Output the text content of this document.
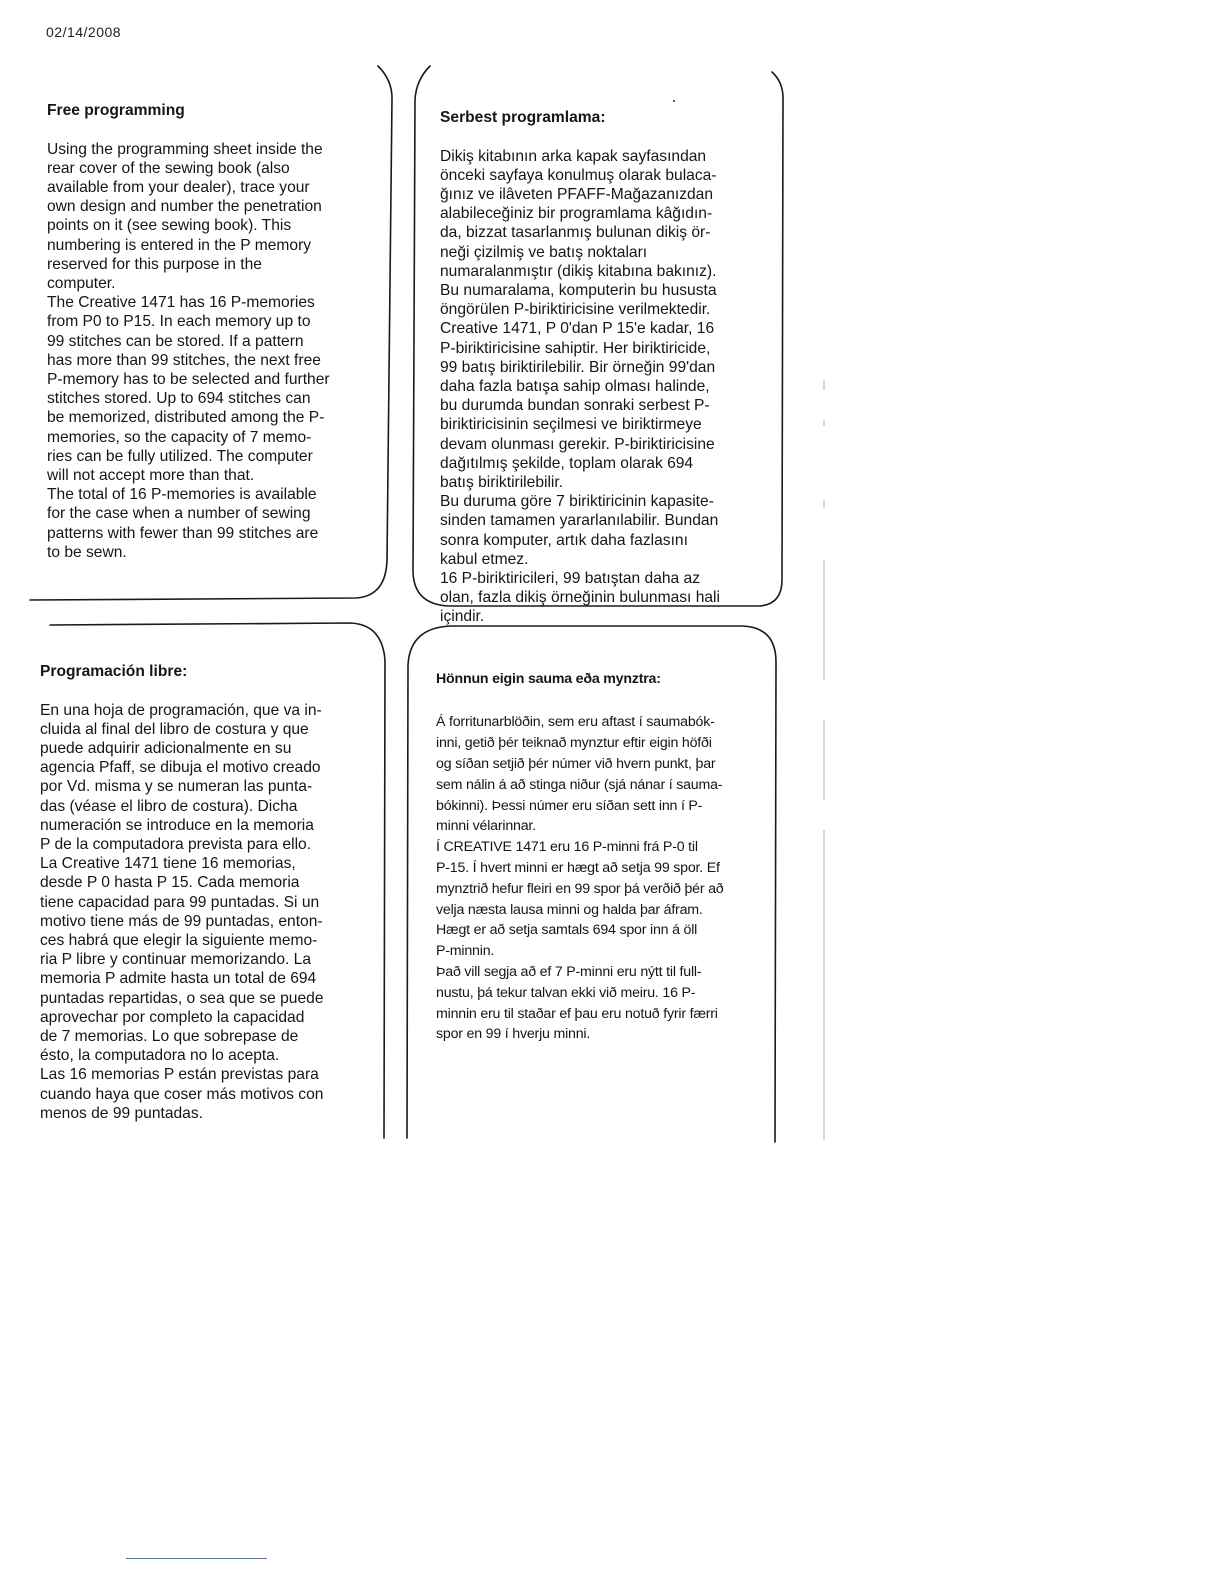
02/14/2008

Free programming

Using the programming sheet inside the
rear cover of the sewing book (also
available from your dealer), trace your
own design and number the penetration
points on it (see sewing book). This
numbering is entered in the P memory
reserved for this purpose in the
computer.
The Creative 1471 has 16 P-memories
from P0 to P15. In each memory up to
99 stitches can be stored. If a pattern
has more than 99 stitches, the next free
P-memory has to be selected and further
stitches stored. Up to 694 stitches can
be memorized, distributed among the P-
memories, so the capacity of 7 memo-
ries can be fully utilized. The computer
will not accept more than that.
The total of 16 P-memories is available
for the case when a number of sewing
patterns with fewer than 99 stitches are
to be sewn.

Serbest programlama:

Dikiş kitabının arka kapak sayfasından
önceki sayfaya konulmuş olarak bulaca-
ğınız ve ilâveten PFAFF-Mağazanızdan
alabileceğiniz bir programlama kâğıdın-
da, bizzat tasarlanmış bulunan dikiş ör-
neği çizilmiş ve batış noktaları
numaralanmıştır (dikiş kitabına bakınız).
Bu numaralama, komputerin bu hususta
öngörülen P-biriktiricisine verilmektedir.
Creative 1471, P 0'dan P 15'e kadar, 16
P-biriktiricisine sahiptir. Her biriktiricide,
99 batış biriktirilebilir. Bir örneğin 99'dan
daha fazla batışa sahip olması halinde,
bu durumda bundan sonraki serbest P-
biriktiricisinin seçilmesi ve biriktirmeye
devam olunması gerekir. P-biriktiricisine
dağıtılmış şekilde, toplam olarak 694
batış biriktirilebilir.
Bu duruma göre 7 biriktiricinin kapasite-
sinden tamamen yararlanılabilir. Bundan
sonra komputer, artık daha fazlasını
kabul etmez.
16 P-biriktiricileri, 99 batıştan daha az
olan, fazla dikiş örneğinin bulunması hali
içindir.

Programación libre:

En una hoja de programación, que va in-
cluida al final del libro de costura y que
puede adquirir adicionalmente en su
agencia Pfaff, se dibuja el motivo creado
por Vd. misma y se numeran las punta-
das (véase el libro de costura). Dicha
numeración se introduce en la memoria
P de la computadora prevista para ello.
La Creative 1471 tiene 16 memorias,
desde P 0 hasta P 15. Cada memoria
tiene capacidad para 99 puntadas. Si un
motivo tiene más de 99 puntadas, enton-
ces habrá que elegir la siguiente memo-
ria P libre y continuar memorizando. La
memoria P admite hasta un total de 694
puntadas repartidas, o sea que se puede
aprovechar por completo la capacidad
de 7 memorias. Lo que sobrepase de
ésto, la computadora no lo acepta.
Las 16 memorias P están previstas para
cuando haya que coser más motivos con
menos de 99 puntadas.

Hönnun eigin sauma eða mynztra:

Á forritunarblöðin, sem eru aftast í saumabók-
inni, getið þér teiknað mynztur eftir eigin höfði
og síðan setjið þér númer við hvern punkt, þar
sem nálin á að stinga niður (sjá nánar í sauma-
bókinni). Þessi númer eru síðan sett inn í P-
minni vélarinnar.
Í CREATIVE 1471 eru 16 P-minni frá P-0 til
P-15. Í hvert minni er hægt að setja 99 spor. Ef
mynztrið hefur fleiri en 99 spor þá verðið þér að
velja næsta lausa minni og halda þar áfram.
Hægt er að setja samtals 694 spor inn á öll
P-minnin.
Það vill segja að ef 7 P-minni eru nýtt til full-
nustu, þá tekur talvan ekki við meiru. 16 P-
minnin eru til staðar ef þau eru notuð fyrir færri
spor en 99 í hverju minni.
